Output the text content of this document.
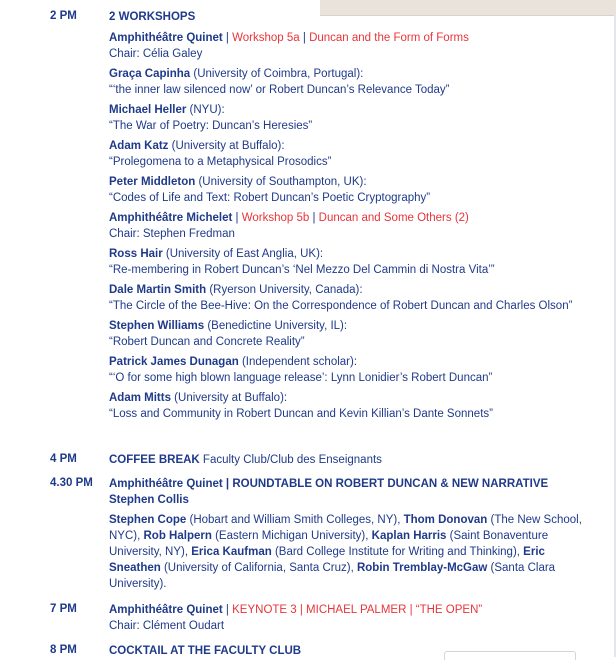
2 PM	2 WORKSHOPS
Amphithéâtre Quinet | Workshop 5a | Duncan and the Form of Forms
Chair: Célia Galey
Graça Capinha (University of Coimbra, Portugal):
“‘the inner law silenced now’ or Robert Duncan’s Relevance Today”
Michael Heller (NYU):
“The War of Poetry: Duncan’s Heresies”
Adam Katz (University at Buffalo):
“Prolegomena to a Metaphysical Prosodics”
Peter Middleton (University of Southampton, UK):
“Codes of Life and Text: Robert Duncan’s Poetic Cryptography”
Amphithéâtre Michelet | Workshop 5b | Duncan and Some Others (2)
Chair: Stephen Fredman
Ross Hair (University of East Anglia, UK):
“Re-membering in Robert Duncan’s ‘Nel Mezzo Del Cammin di Nostra Vita’”
Dale Martin Smith (Ryerson University, Canada):
“The Circle of the Bee-Hive: On the Correspondence of Robert Duncan and Charles Olson”
Stephen Williams (Benedictine University, IL):
“Robert Duncan and Concrete Reality”
Patrick James Dunagan (Independent scholar):
“‘O for some high blown language release’: Lynn Lonidier’s Robert Duncan”
Adam Mitts (University at Buffalo):
“Loss and Community in Robert Duncan and Kevin Killian’s Dante Sonnets”
4 PM	COFFEE BREAK Faculty Club/Club des Enseignants
4.30 PM Amphithéâtre Quinet | ROUNDTABLE ON ROBERT DUNCAN & NEW NARRATIVE
Stephen Collis
Stephen Cope (Hobart and William Smith Colleges, NY), Thom Donovan (The New School, NYC), Rob Halpern (Eastern Michigan University), Kaplan Harris (Saint Bonaventure University, NY), Erica Kaufman (Bard College Institute for Writing and Thinking), Eric Sneathen (University of California, Santa Cruz), Robin Tremblay-McGaw (Santa Clara University).
7 PM	Amphithéâtre Quinet | KEYNOTE 3 | MICHAEL PALMER | “THE OPEN”
Chair: Clément Oudart
8 PM	COCKTAIL AT THE FACULTY CLUB
